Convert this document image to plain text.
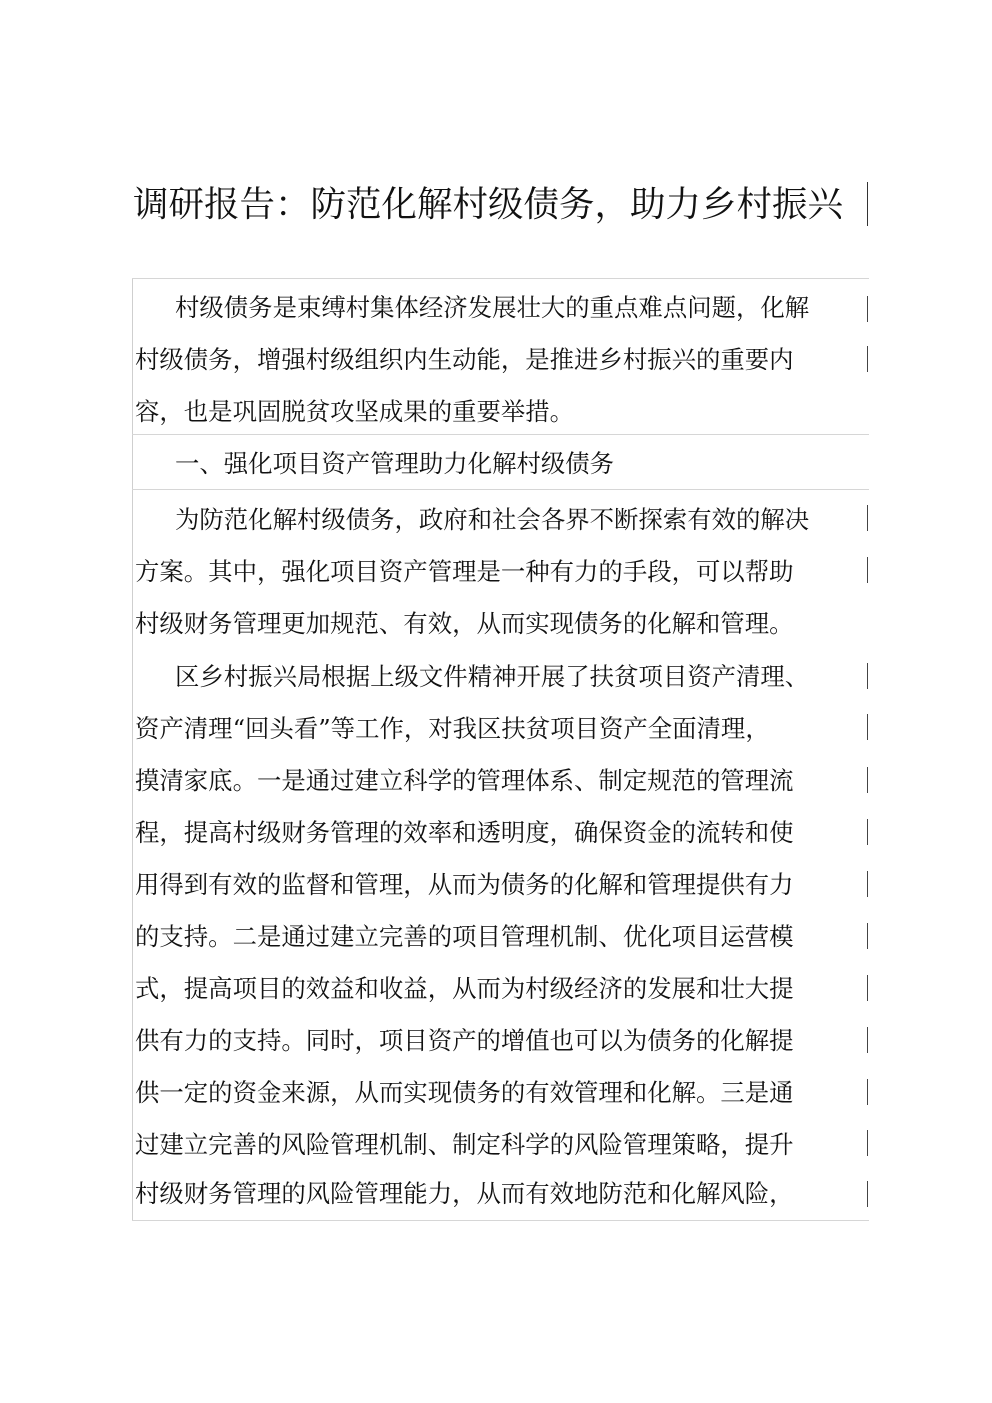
调研报告：防范化解村级债务，助力乡村振兴
村级债务是束缚村集体经济发展壮大的重点难点问题，化解
村级债务，增强村级组织内生动能，是推进乡村振兴的重要内
容，也是巩固脱贫攻坚成果的重要举措。
一、强化项目资产管理助力化解村级债务
为防范化解村级债务，政府和社会各界不断探索有效的解决
方案。其中，强化项目资产管理是一种有力的手段，可以帮助
村级财务管理更加规范、有效，从而实现债务的化解和管理。
区乡村振兴局根据上级文件精神开展了扶贫项目资产清理、
资产清理“回头看”等工作，对我区扶贫项目资产全面清理，
摸清家底。一是通过建立科学的管理体系、制定规范的管理流
程，提高村级财务管理的效率和透明度，确保资金的流转和使
用得到有效的监督和管理，从而为债务的化解和管理提供有力
的支持。二是通过建立完善的项目管理机制、优化项目运营模
式，提高项目的效益和收益，从而为村级经济的发展和壮大提
供有力的支持。同时，项目资产的增值也可以为债务的化解提
供一定的资金来源，从而实现债务的有效管理和化解。三是通
过建立完善的风险管理机制、制定科学的风险管理策略，提升
村级财务管理的风险管理能力，从而有效地防范和化解风险，
